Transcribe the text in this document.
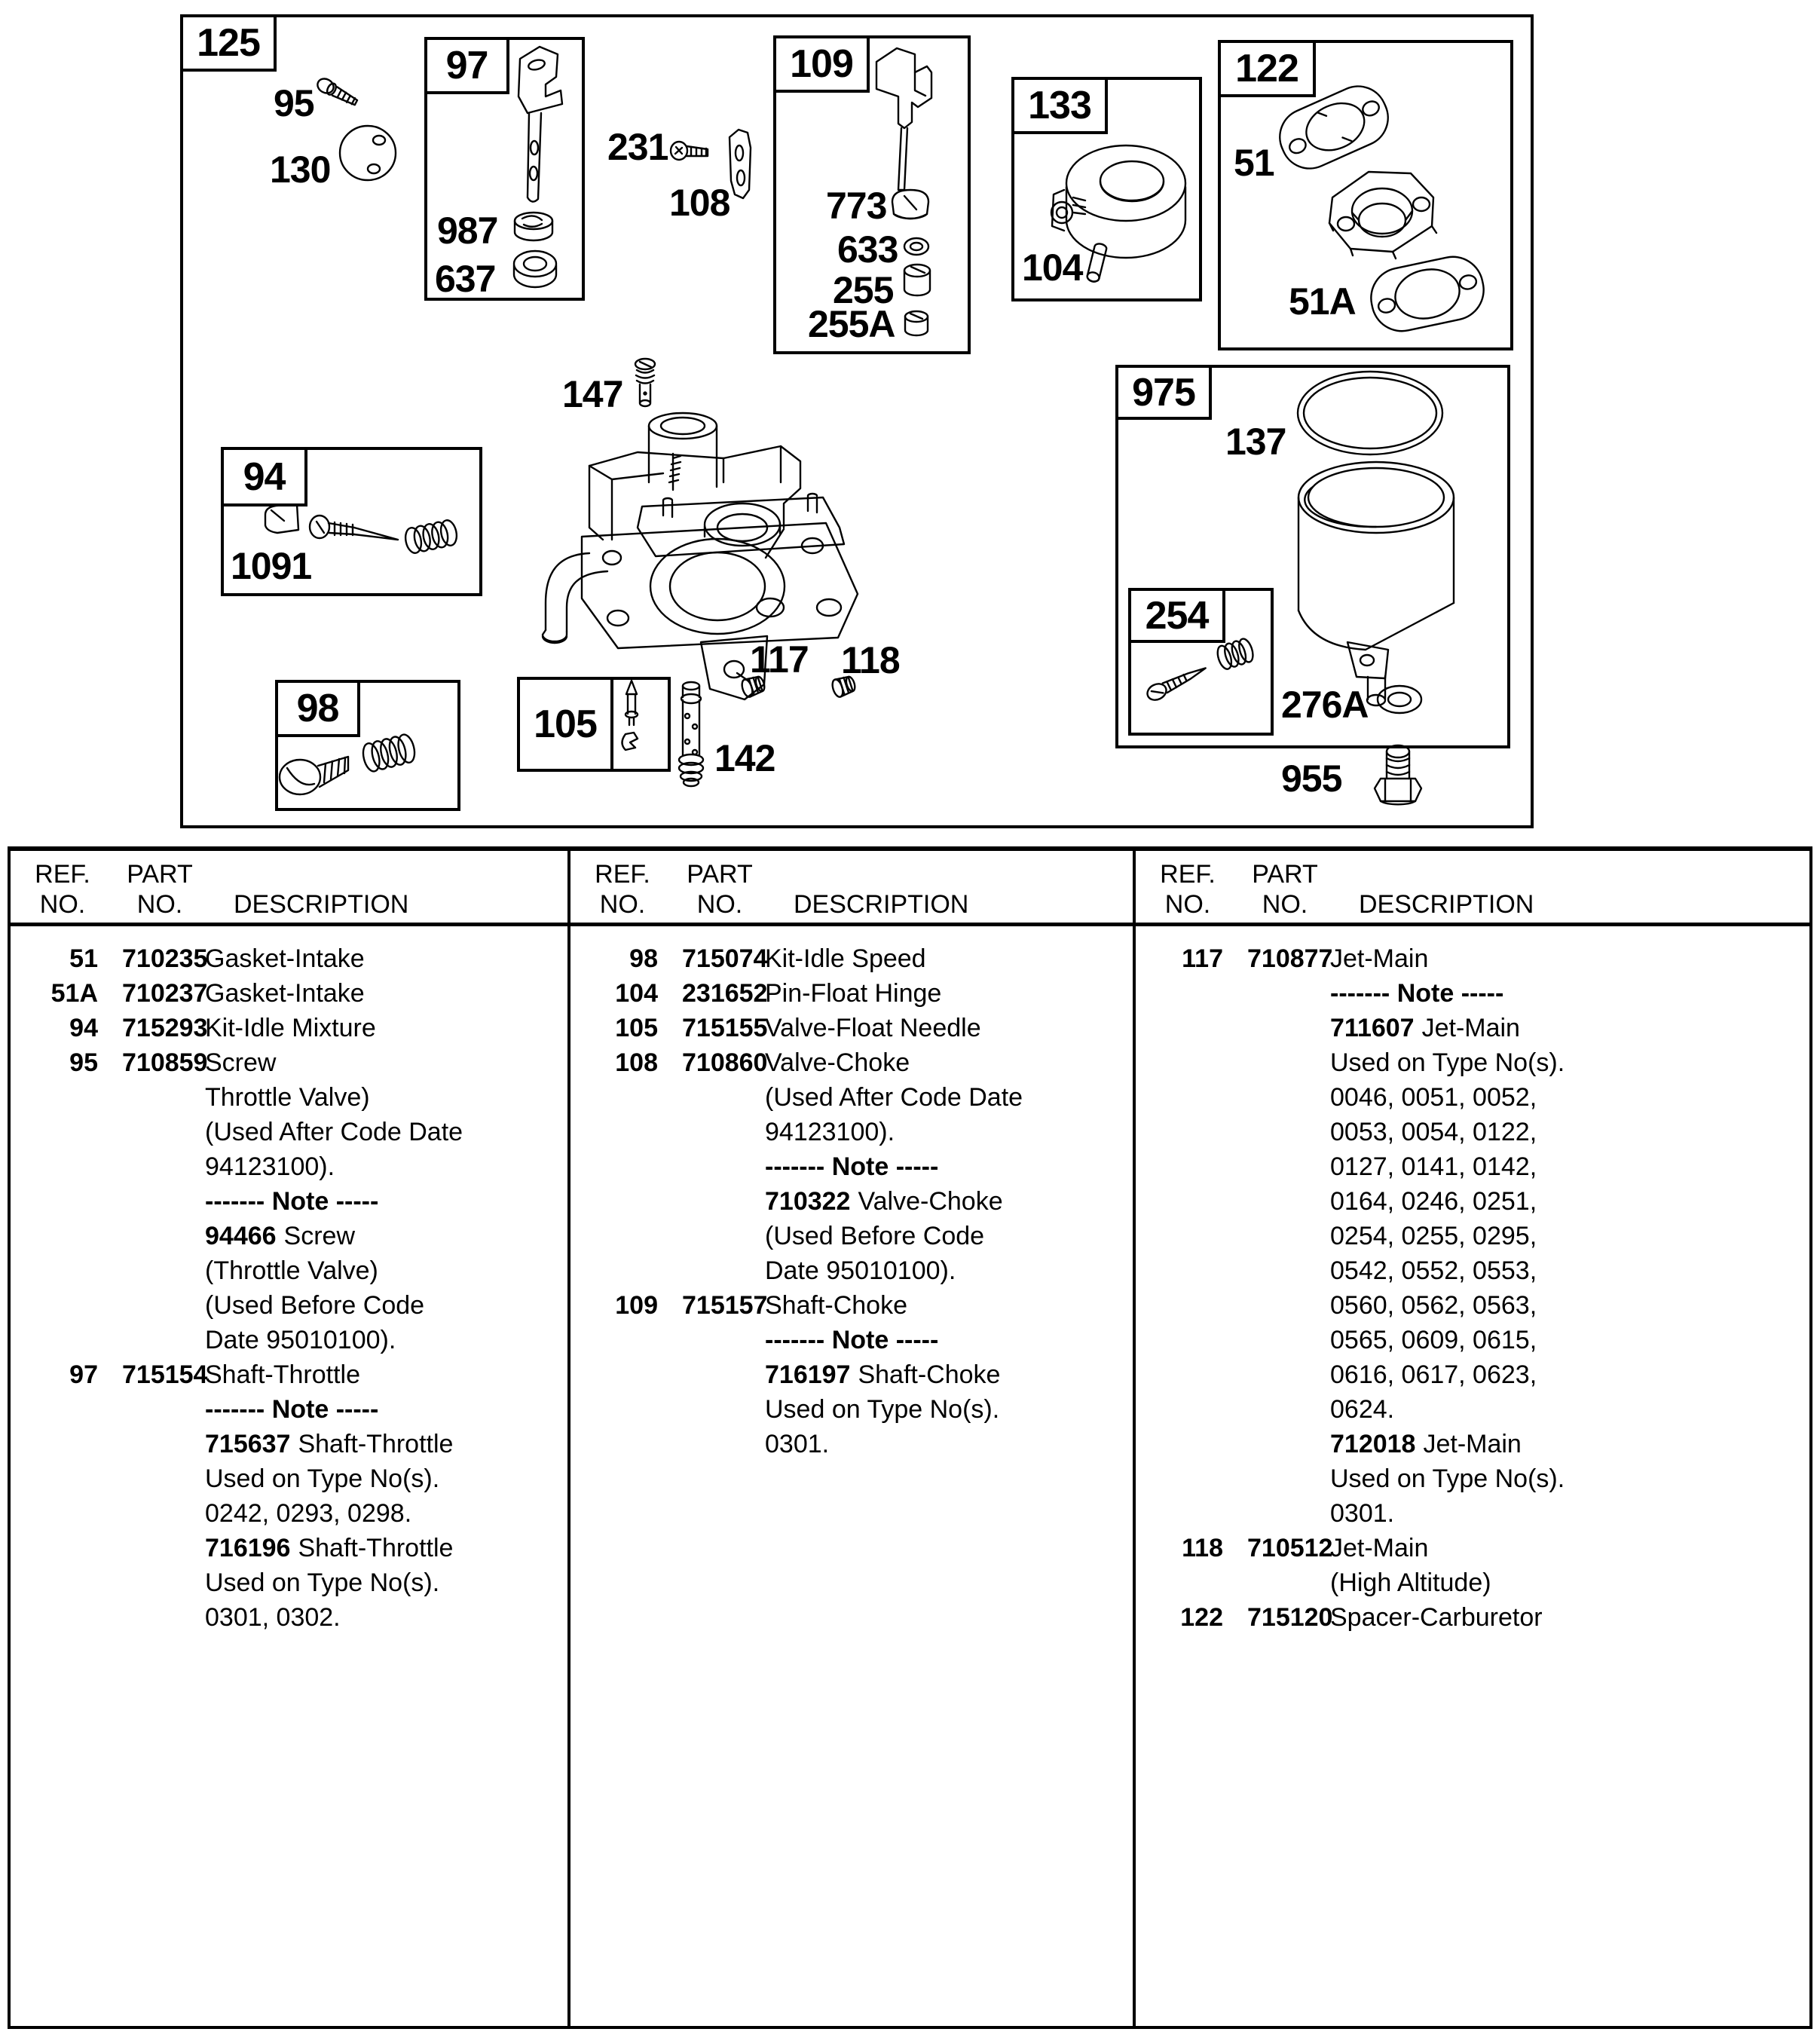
125
97	109
133
122
94
975
254
98	105
95
130
231
108
987
637
773
633
255
255A
104
51
51A
147
1091
117 118
142
137
276A
955
REF.
NO.
PART
NO.	DESCRIPTION
51 710235
Gasket-Intake
51A 710237
Gasket-Intake
94 715293
Kit-Idle Mixture
95 710859
Screw
Throttle Valve)
(Used After Code Date
94123100).
------- Note -----
94466 Screw
(Throttle Valve)
(Used Before Code
Date 95010100).
97 715154
Shaft-Throttle
------- Note -----
715637 Shaft-Throttle
Used on Type No(s).
0242, 0293, 0298.
716196 Shaft-Throttle
Used on Type No(s).
0301, 0302.
REF.
NO.
PART
NO.	DESCRIPTION
98 715074
Kit-Idle Speed
104 231652
Pin-Float Hinge
105 715155
Valve-Float Needle
108 710860
Valve-Choke
(Used After Code Date
94123100).
------- Note -----
710322 Valve-Choke
(Used Before Code
Date 95010100).
109 715157
Shaft-Choke
------- Note -----
716197 Shaft-Choke
Used on Type No(s).
0301.
REF.
NO.
PART
NO.	DESCRIPTION
117 710877
Jet-Main
------- Note -----
711607 Jet-Main
Used on Type No(s).
0046, 0051, 0052,
0053, 0054, 0122,
0127, 0141, 0142,
0164, 0246, 0251,
0254, 0255, 0295,
0542, 0552, 0553,
0560, 0562, 0563,
0565, 0609, 0615,
0616, 0617, 0623,
0624.
712018 Jet-Main
Used on Type No(s).
0301.
118 710512
Jet-Main
(High Altitude)
122 715120
Spacer-Carburetor
